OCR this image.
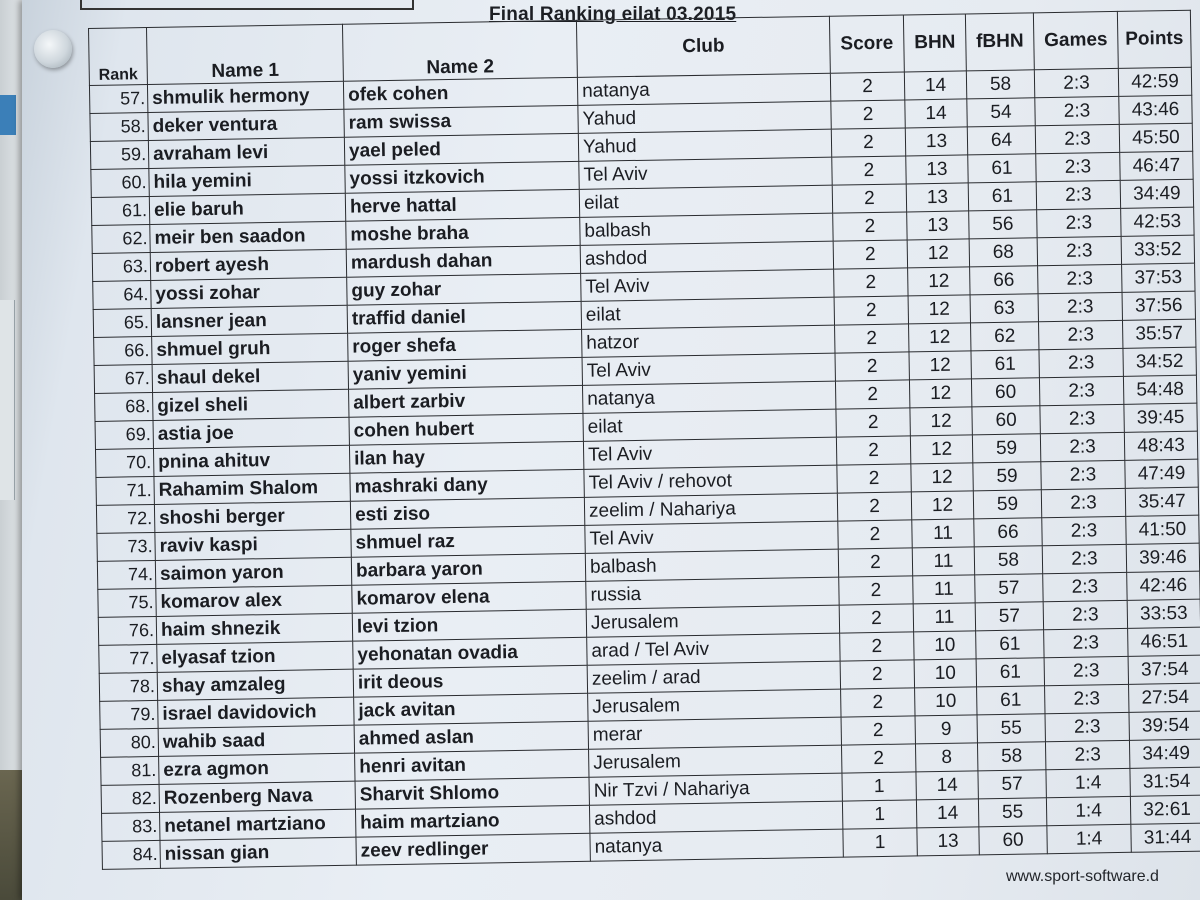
Final Ranking eilat 03.2015
Rank	Name 1	Name 2	Club	Score	BHN	fBHN	Games	Points
57.	shmulik hermony	ofek cohen	natanya	2	14	58	2:3	42:59
58.	deker ventura	ram swissa	Yahud	2	14	54	2:3	43:46
59.	avraham levi	yael peled	Yahud	2	13	64	2:3	45:50
60.	hila yemini	yossi itzkovich	Tel Aviv	2	13	61	2:3	46:47
61.	elie baruh	herve hattal	eilat	2	13	61	2:3	34:49
62.	meir ben saadon	moshe braha	balbash	2	13	56	2:3	42:53
63.	robert ayesh	mardush dahan	ashdod	2	12	68	2:3	33:52
64.	yossi zohar	guy zohar	Tel Aviv	2	12	66	2:3	37:53
65.	lansner jean	traffid daniel	eilat	2	12	63	2:3	37:56
66.	shmuel gruh	roger shefa	hatzor	2	12	62	2:3	35:57
67.	shaul dekel	yaniv yemini	Tel Aviv	2	12	61	2:3	34:52
68.	gizel sheli	albert zarbiv	natanya	2	12	60	2:3	54:48
69.	astia joe	cohen hubert	eilat	2	12	60	2:3	39:45
70.	pnina ahituv	ilan hay	Tel Aviv	2	12	59	2:3	48:43
71.	Rahamim Shalom	mashraki dany	Tel Aviv / rehovot	2	12	59	2:3	47:49
72.	shoshi berger	esti ziso	zeelim / Nahariya	2	12	59	2:3	35:47
73.	raviv kaspi	shmuel raz	Tel Aviv	2	11	66	2:3	41:50
74.	saimon yaron	barbara yaron	balbash	2	11	58	2:3	39:46
75.	komarov alex	komarov elena	russia	2	11	57	2:3	42:46
76.	haim shnezik	levi tzion	Jerusalem	2	11	57	2:3	33:53
77.	elyasaf tzion	yehonatan ovadia	arad / Tel Aviv	2	10	61	2:3	46:51
78.	shay amzaleg	irit deous	zeelim / arad	2	10	61	2:3	37:54
79.	israel davidovich	jack avitan	Jerusalem	2	10	61	2:3	27:54
80.	wahib saad	ahmed aslan	merar	2	9	55	2:3	39:54
81.	ezra agmon	henri avitan	Jerusalem	2	8	58	2:3	34:49
82.	Rozenberg Nava	Sharvit Shlomo	Nir Tzvi / Nahariya	1	14	57	1:4	31:54
83.	netanel martziano	haim martziano	ashdod	1	14	55	1:4	32:61
84.	nissan gian	zeev redlinger	natanya	1	13	60	1:4	31:44
www.sport-software.d
